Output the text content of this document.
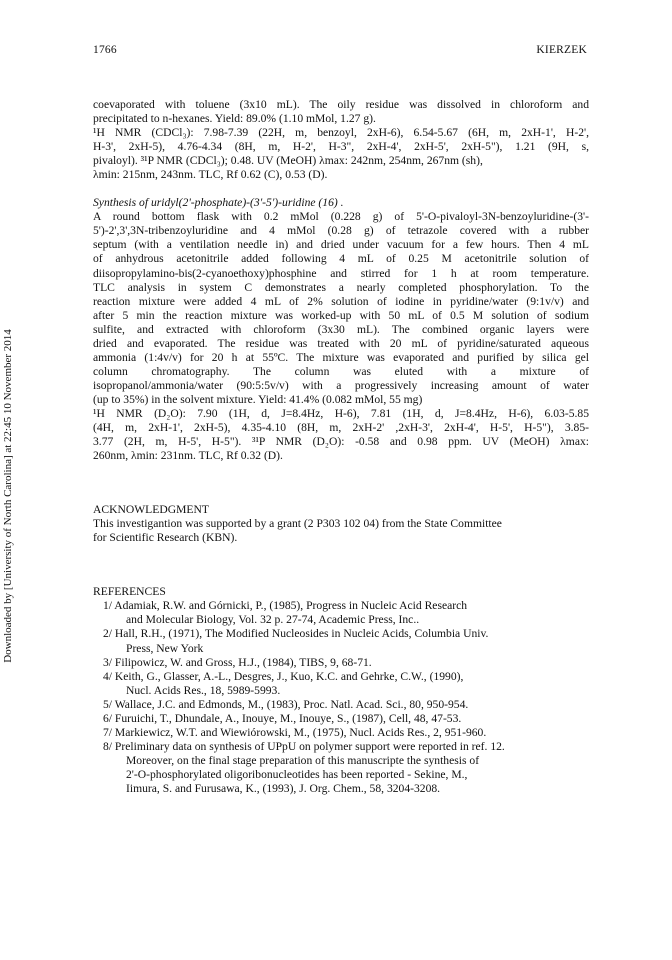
1766	KIERZEK
Downloaded by [University of North Carolina] at 22:45 10 November 2014
coevaporated with toluene (3x10 mL). The oily residue was dissolved in chloroform and
precipitated to n-hexanes. Yield: 89.0% (1.10 mMol, 1.27 g).
¹H NMR (CDCl₃): 7.98-7.39 (22H, m, benzoyl, 2xH-6), 6.54-5.67 (6H, m, 2xH-1', H-2',
H-3', 2xH-5), 4.76-4.34 (8H, m, H-2', H-3", 2xH-4', 2xH-5', 2xH-5"), 1.21 (9H, s,
pivaloyl). ³¹P NMR (CDCl₃); 0.48. UV (MeOH) λmax: 242nm, 254nm, 267nm (sh),
λmin: 215nm, 243nm. TLC, Rf 0.62 (C), 0.53 (D).
Synthesis of uridyl(2'-phosphate)-(3'-5')-uridine (16) .
A round bottom flask with 0.2 mMol (0.228 g) of 5'-O-pivaloyl-3N-benzoyluridine-(3'-
5')-2',3',3N-tribenzoyluridine and 4 mMol (0.28 g) of tetrazole covered with a rubber
septum (with a ventilation needle in) and dried under vacuum for a few hours. Then 4 mL
of anhydrous acetonitrile added following 4 mL of 0.25 M acetonitrile solution of
diisopropylamino-bis(2-cyanoethoxy)phosphine and stirred for 1 h at room temperature.
TLC analysis in system C demonstrates a nearly completed phosphorylation. To the
reaction mixture were added 4 mL of 2% solution of iodine in pyridine/water (9:1v/v) and
after 5 min the reaction mixture was worked-up with 50 mL of 0.5 M solution of sodium
sulfite, and extracted with chloroform (3x30 mL). The combined organic layers were
dried and evaporated. The residue was treated with 20 mL of pyridine/saturated aqueous
ammonia (1:4v/v) for 20 h at 55ºC. The mixture was evaporated and purified by silica gel
column chromatography. The column was eluted with a mixture of
isopropanol/ammonia/water (90:5:5v/v) with a progressively increasing amount of water
(up to 35%) in the solvent mixture. Yield: 41.4% (0.082 mMol, 55 mg)
¹H NMR (D₂O): 7.90 (1H, d, J=8.4Hz, H-6), 7.81 (1H, d, J=8.4Hz, H-6), 6.03-5.85
(4H, m, 2xH-1', 2xH-5), 4.35-4.10 (8H, m, 2xH-2' ,2xH-3', 2xH-4', H-5', H-5"), 3.85-
3.77 (2H, m, H-5', H-5"). ³¹P NMR (D₂O): -0.58 and 0.98 ppm. UV (MeOH) λmax:
260nm, λmin: 231nm. TLC, Rf 0.32 (D).
ACKNOWLEDGMENT
This investigantion was supported by a grant (2 P303 102 04) from the State Committee
for Scientific Research (KBN).
REFERENCES
1/ Adamiak, R.W. and Górnicki, P., (1985), Progress in Nucleic Acid Research
and Molecular Biology, Vol. 32 p. 27-74, Academic Press, Inc..
2/ Hall, R.H., (1971), The Modified Nucleosides in Nucleic Acids, Columbia Univ.
Press, New York
3/ Filipowicz, W. and Gross, H.J., (1984), TIBS, 9, 68-71.
4/ Keith, G., Glasser, A.-L., Desgres, J., Kuo, K.C. and Gehrke, C.W., (1990),
Nucl. Acids Res., 18, 5989-5993.
5/ Wallace, J.C. and Edmonds, M., (1983), Proc. Natl. Acad. Sci., 80, 950-954.
6/ Furuichi, T., Dhundale, A., Inouye, M., Inouye, S., (1987), Cell, 48, 47-53.
7/ Markiewicz, W.T. and Wiewiórowski, M., (1975), Nucl. Acids Res., 2, 951-960.
8/ Preliminary data on synthesis of UPpU on polymer support were reported in ref. 12.
Moreover, on the final stage preparation of this manuscripte the synthesis of
2'-O-phosphorylated oligoribonucleotides has been reported - Sekine, M.,
Iimura, S. and Furusawa, K., (1993), J. Org. Chem., 58, 3204-3208.
